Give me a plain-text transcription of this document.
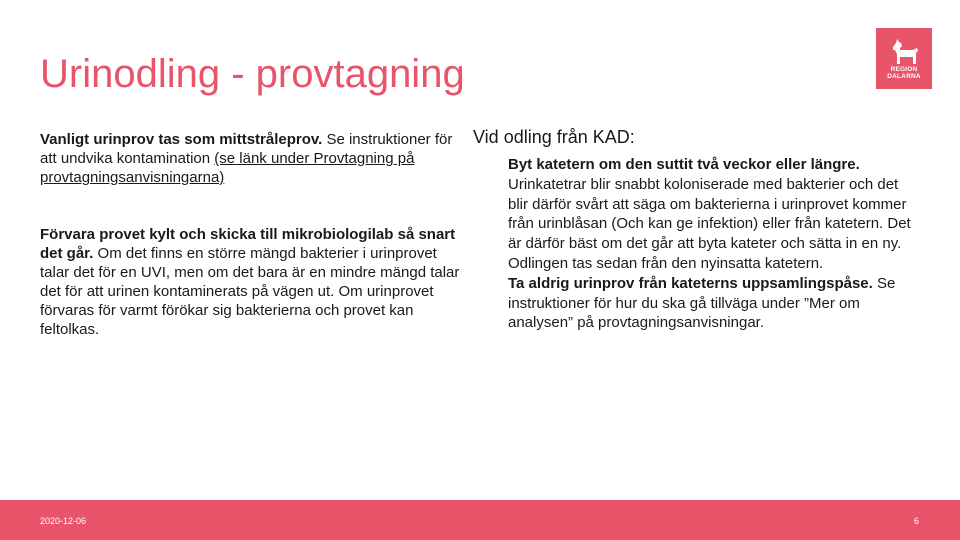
Urinodling - provtagning	REGION
DALARNA

Vanligt urinprov tas som mittstråleprov. Se instruktioner för att undvika kontamination (se länk under Provtagning på provtagningsanvisningarna)

Förvara provet kylt och skicka till mikrobiologilab så snart det går. Om det finns en större mängd bakterier i urinprovet talar det för en UVI, men om det bara är en mindre mängd talar det för att urinen kontaminerats på vägen ut. Om urinprovet förvaras för varmt förökar sig bakterierna och provet kan feltolkas.

Vid odling från KAD:

Byt katetern om den suttit två veckor eller längre. Urinkatetrar blir snabbt koloniserade med bakterier och det blir därför svårt att säga om bakterierna i urinprovet kommer från urinblåsan (Och kan ge infektion) eller från katetern. Det är därför bäst om det går att byta kateter och sätta in en ny. Odlingen tas sedan från den nyinsatta katetern.

Ta aldrig urinprov från kateterns uppsamlingspåse. Se instruktioner för hur du ska gå tillväga under ”Mer om analysen” på provtagningsanvisningar.

2020-12-06	6
